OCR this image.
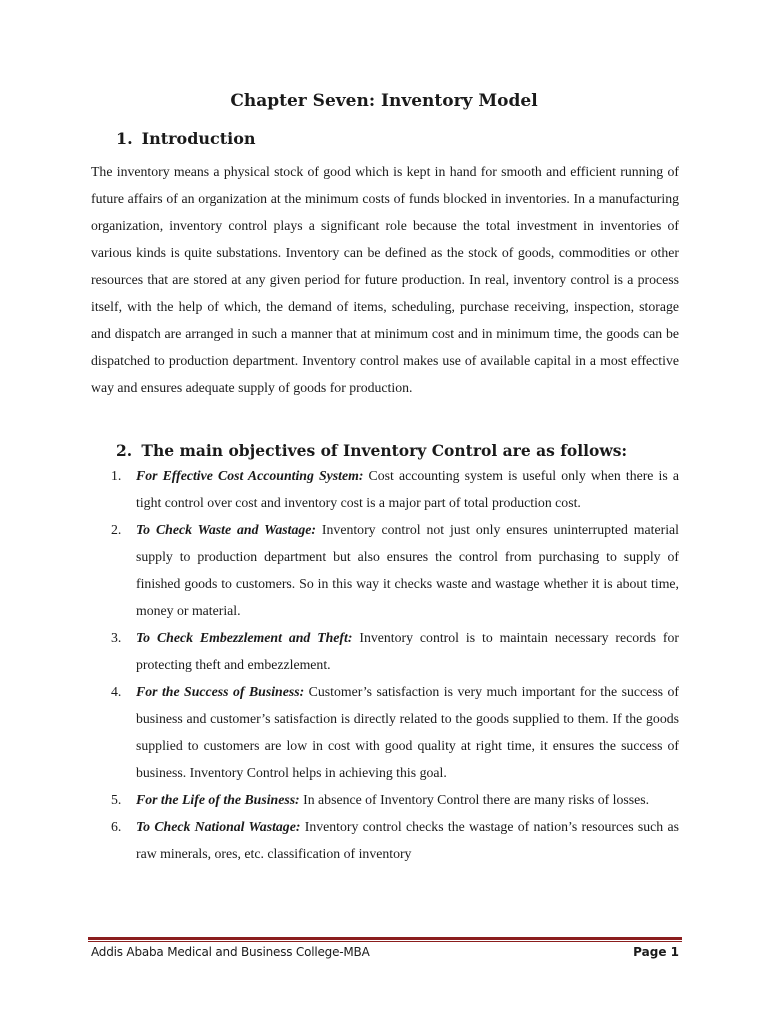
Chapter Seven: Inventory Model
1. Introduction

The inventory means a physical stock of good which is kept in hand for smooth and efficient running of future affairs of an organization at the minimum costs of funds blocked in inventories. In a manufacturing organization, inventory control plays a significant role because the total investment in inventories of various kinds is quite substations. Inventory can be defined as the stock of goods, commodities or other resources that are stored at any given period for future production. In real, inventory control is a process itself, with the help of which, the demand of items, scheduling, purchase receiving, inspection, storage and dispatch are arranged in such a manner that at minimum cost and in minimum time, the goods can be dispatched to production department. Inventory control makes use of available capital in a most effective way and ensures adequate supply of goods for production.

2. The main objectives of Inventory Control are as follows:
1. For Effective Cost Accounting System: Cost accounting system is useful only when there is a tight control over cost and inventory cost is a major part of total production cost.
2. To Check Waste and Wastage: Inventory control not just only ensures uninterrupted material supply to production department but also ensures the control from purchasing to supply of finished goods to customers. So in this way it checks waste and wastage whether it is about time, money or material.
3. To Check Embezzlement and Theft: Inventory control is to maintain necessary records for protecting theft and embezzlement.
4. For the Success of Business: Customer’s satisfaction is very much important for the success of business and customer’s satisfaction is directly related to the goods supplied to them. If the goods supplied to customers are low in cost with good quality at right time, it ensures the success of business. Inventory Control helps in achieving this goal.
5. For the Life of the Business: In absence of Inventory Control there are many risks of losses.
6. To Check National Wastage: Inventory control checks the wastage of nation’s resources such as raw minerals, ores, etc. classification of inventory
Addis Ababa Medical and Business College-MBA	Page 1
